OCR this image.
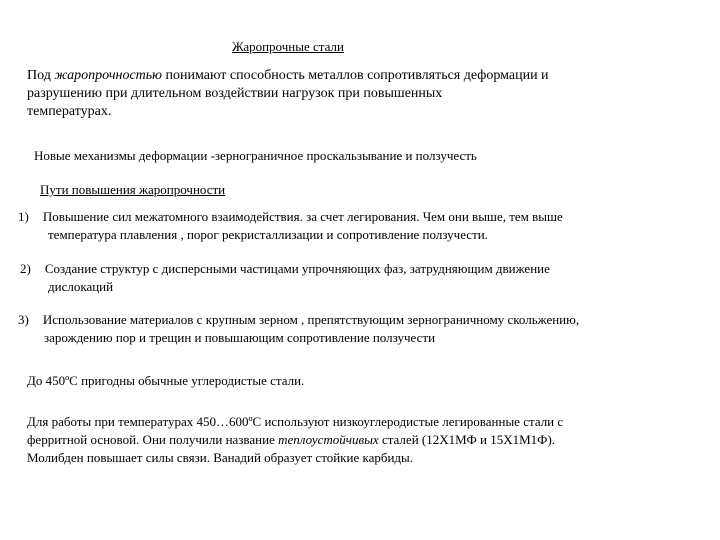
Жаропрочные стали
Под жаропрочностью понимают способность металлов сопротивляться деформации и
разрушению при длительном воздействии нагрузок при повышенных
температурах.
Новые механизмы деформации -зернограничное проскальзывание и ползучесть
Пути повышения жаропрочности
1) Повышение сил межатомного взаимодействия. за счет легирования. Чем они выше, тем выше
температура плавления , порог рекристаллизации и сопротивление ползучести.
2) Создание структур с дисперсными частицами упрочняющих фаз, затрудняющим движение
дислокаций
3) Использование материалов с крупным зерном , препятствующим зернограничному скольжению,
зарождению пор и трещин и повышающим сопротивление ползучести
До 450ºС пригодны обычные углеродистые стали.
Для работы при температурах 450…600ºС используют низкоуглеродистые легированные стали с
ферритной основой. Они получили название теплоустойчивых сталей (12Х1МФ и 15Х1М1Ф).
Молибден повышает силы связи. Ванадий образует стойкие карбиды.
